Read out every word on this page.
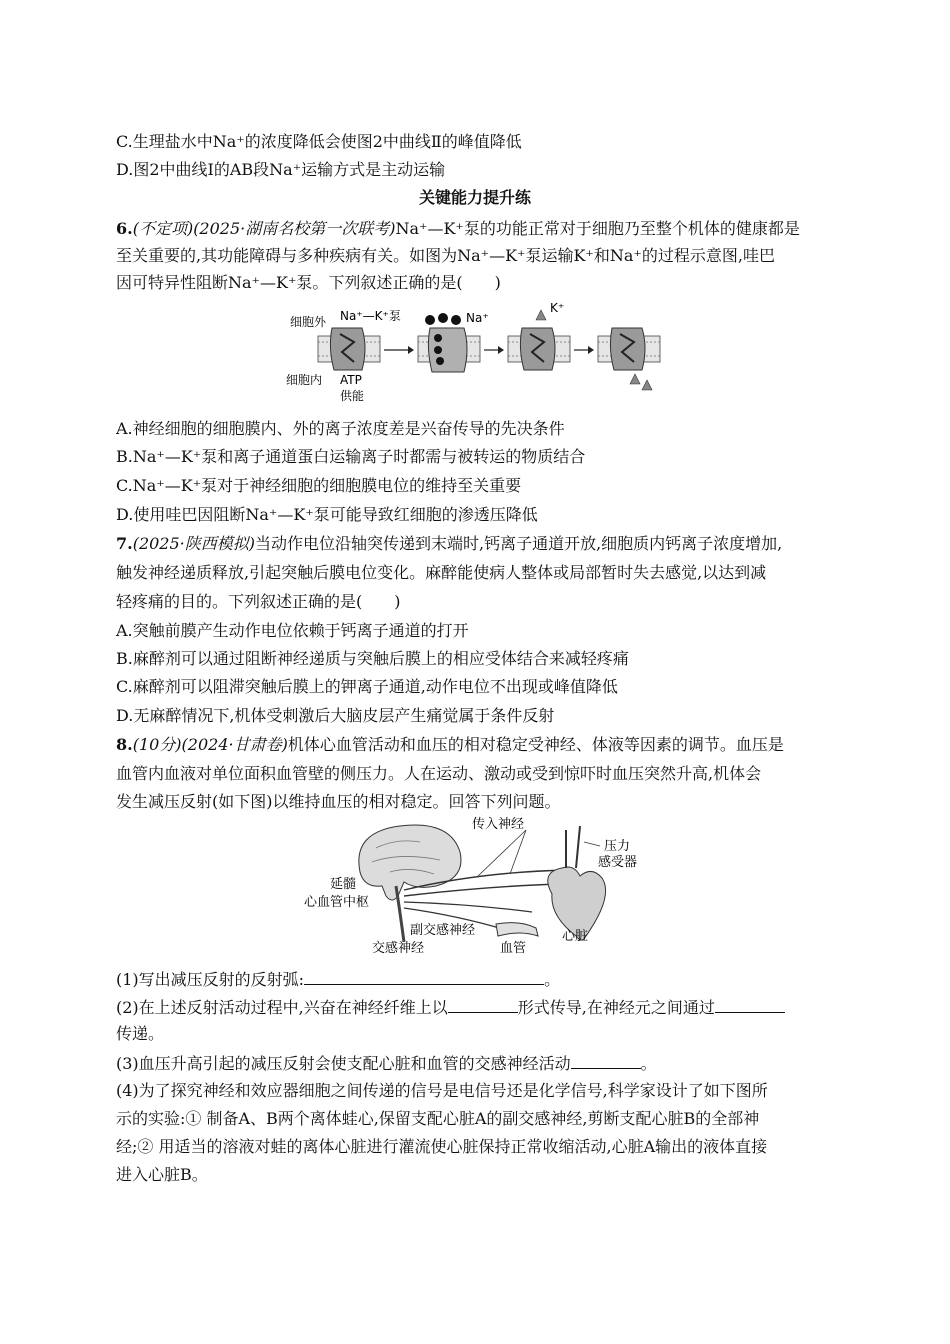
C.生理盐水中Na⁺的浓度降低会使图2中曲线Ⅱ的峰值降低
D.图2中曲线Ⅰ的AB段Na⁺运输方式是主动运输
关键能力提升练
6.(不定项)(2025·湖南名校第一次联考)Na⁺—K⁺泵的功能正常对于细胞乃至整个机体的健康都是
至关重要的,其功能障碍与多种疾病有关。如图为Na⁺—K⁺泵运输K⁺和Na⁺的过程示意图,哇巴
因可特异性阻断Na⁺—K⁺泵。下列叙述正确的是(　　)
细胞外 Na⁺—K⁺泵	Na⁺
K⁺
细胞内 ATP
供能
A.神经细胞的细胞膜内、外的离子浓度差是兴奋传导的先决条件
B.Na⁺—K⁺泵和离子通道蛋白运输离子时都需与被转运的物质结合
C.Na⁺—K⁺泵对于神经细胞的细胞膜电位的维持至关重要
D.使用哇巴因阻断Na⁺—K⁺泵可能导致红细胞的渗透压降低
7.(2025·陕西模拟)当动作电位沿轴突传递到末端时,钙离子通道开放,细胞质内钙离子浓度增加,
触发神经递质释放,引起突触后膜电位变化。麻醉能使病人整体或局部暂时失去感觉,以达到减
轻疼痛的目的。下列叙述正确的是(　　)
A.突触前膜产生动作电位依赖于钙离子通道的打开
B.麻醉剂可以通过阻断神经递质与突触后膜上的相应受体结合来减轻疼痛
C.麻醉剂可以阻滞突触后膜上的钾离子通道,动作电位不出现或峰值降低
D.无麻醉情况下,机体受刺激后大脑皮层产生痛觉属于条件反射
8.(10分)(2024·甘肃卷)机体心血管活动和血压的相对稳定受神经、体液等因素的调节。血压是
血管内血液对单位面积血管壁的侧压力。人在运动、激动或受到惊吓时血压突然升高,机体会
发生减压反射(如下图)以维持血压的相对稳定。回答下列问题。
传入神经
压力
感受器
延髓
心血管中枢
副交感神经
交感神经	血管
心脏
(1)写出减压反射的反射弧:	。
(2)在上述反射活动过程中,兴奋在神经纤维上以	形式传导,在神经元之间通过
传递。
(3)血压升高引起的减压反射会使支配心脏和血管的交感神经活动	。
(4)为了探究神经和效应器细胞之间传递的信号是电信号还是化学信号,科学家设计了如下图所
示的实验:① 制备A、B两个离体蛙心,保留支配心脏A的副交感神经,剪断支配心脏B的全部神
经;② 用适当的溶液对蛙的离体心脏进行灌流使心脏保持正常收缩活动,心脏A输出的液体直接
进入心脏B。
